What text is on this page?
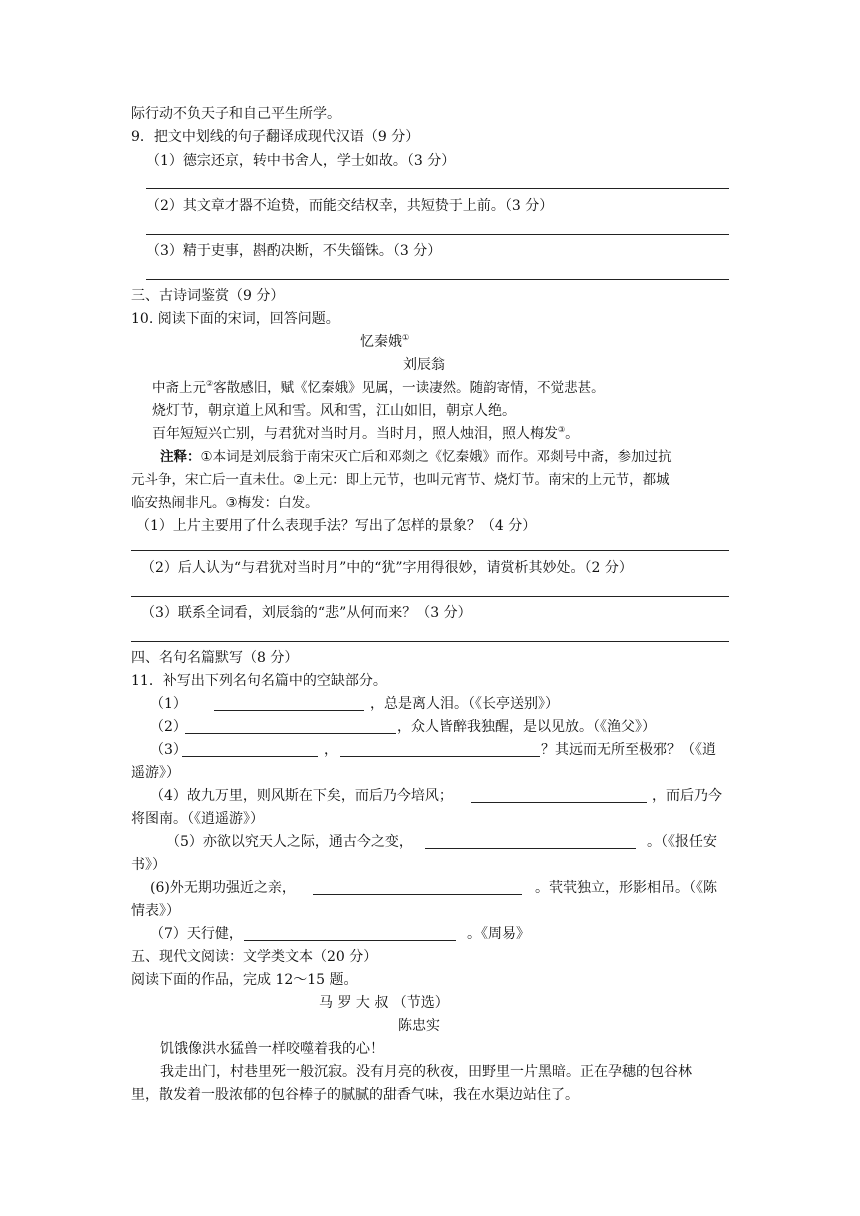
际行动不负天子和自己平生所学。
9．把文中划线的句子翻译成现代汉语（9 分）
（1）德宗还京，转中书舍人，学士如故。（3 分）
（2）其文章才器不迨贽，而能交结权幸，共短贽于上前。（3 分）
（3）精于吏事，斟酌决断，不失锱铢。（3 分）
三、古诗词鉴赏（9 分）
10. 阅读下面的宋词，回答问题。
忆秦娥①
刘辰翁
中斋上元②客散感旧，赋《忆秦娥》见属，一读凄然。随韵寄情，不觉悲甚。
烧灯节，朝京道上风和雪。风和雪，江山如旧，朝京人绝。
百年短短兴亡别，与君犹对当时月。当时月，照人烛泪，照人梅发③。
注释：①本词是刘辰翁于南宋灭亡后和邓剡之《忆秦娥》而作。邓剡号中斋，参加过抗
元斗争，宋亡后一直未仕。②上元：即上元节，也叫元宵节、烧灯节。南宋的上元节，都城
临安热闹非凡。③梅发：白发。
（1）上片主要用了什么表现手法？写出了怎样的景象？（4 分）
（2）后人认为“与君犹对当时月”中的“犹”字用得很妙，请赏析其妙处。（2 分）
（3）联系全词看，刘辰翁的“悲”从何而来？（3 分）
四、名句名篇默写（8 分）
11．补写出下列名句名篇中的空缺部分。
（1）	，总是离人泪。（《长亭送别》）
（2）	，众人皆醉我独醒，是以见放。（《渔父》）
（3）	，	？其远而无所至极邪？（《逍
遥游》）
（4）故九万里，则风斯在下矣，而后乃今培风；	，而后乃今
将图南。（《逍遥游》）
（5）亦欲以究天人之际，通古今之变，	。（《报任安
书》）
(6)外无期功强近之亲，	。茕茕独立，形影相吊。（《陈
情表》）
（7）天行健，	。《周易》
五、现代文阅读：文学类文本（20 分）
阅读下面的作品，完成 12～15 题。
马 罗 大 叔 （节选）
陈忠实
饥饿像洪水猛兽一样咬噬着我的心！
我走出门，村巷里死一般沉寂。没有月亮的秋夜，田野里一片黑暗。正在孕穗的包谷林
里，散发着一股浓郁的包谷棒子的腻腻的甜香气味，我在水渠边站住了。
